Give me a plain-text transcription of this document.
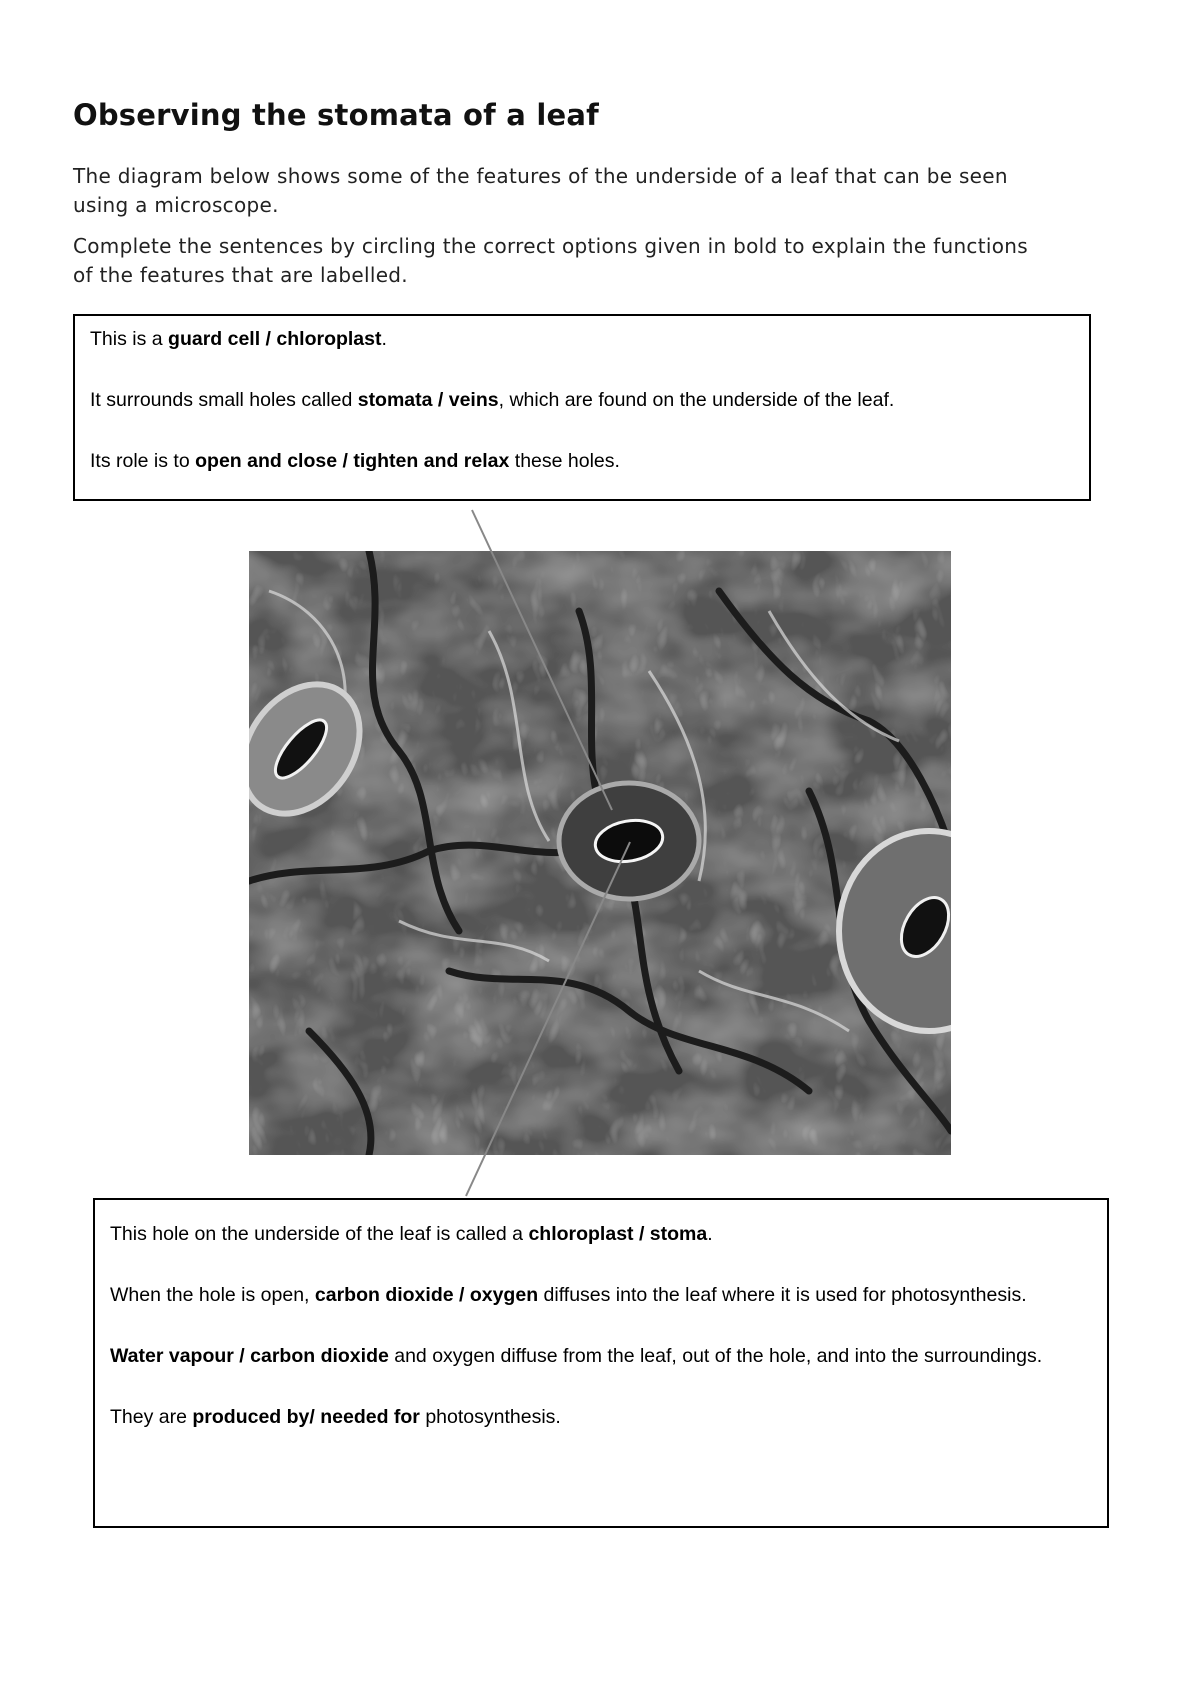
Observing the stomata of a leaf

The diagram below shows some of the features of the underside of a leaf that can be seen using a microscope.

Complete the sentences by circling the correct options given in bold to explain the functions of the features that are labelled.

This is a guard cell / chloroplast.

It surrounds small holes called stomata / veins, which are found on the underside of the leaf.

Its role is to open and close / tighten and relax these holes.

This hole on the underside of the leaf is called a chloroplast / stoma.

When the hole is open, carbon dioxide / oxygen diffuses into the leaf where it is used for photosynthesis.

Water vapour / carbon dioxide and oxygen diffuse from the leaf, out of the hole, and into the surroundings.

They are produced by/ needed for photosynthesis.
